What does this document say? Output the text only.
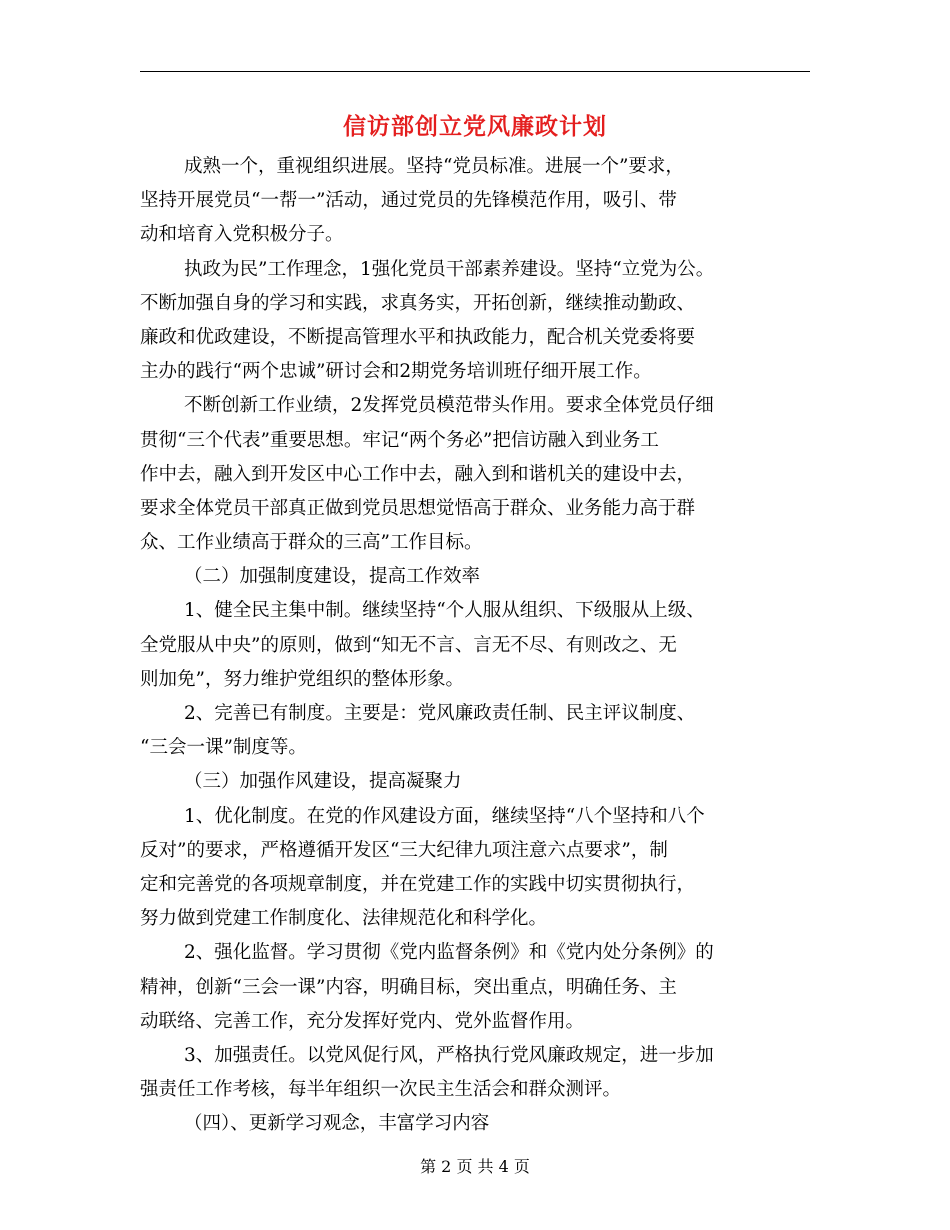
信访部创立党风廉政计划
成熟一个，重视组织进展。坚持“党员标准。进展一个”要求，
坚持开展党员“一帮一”活动，通过党员的先锋模范作用，吸引、带
动和培育入党积极分子。
执政为民”工作理念，1强化党员干部素养建设。坚持“立党为公。
不断加强自身的学习和实践，求真务实，开拓创新，继续推动勤政、
廉政和优政建设，不断提高管理水平和执政能力，配合机关党委将要
主办的践行“两个忠诚”研讨会和2期党务培训班仔细开展工作。
不断创新工作业绩，2发挥党员模范带头作用。要求全体党员仔细
贯彻“三个代表”重要思想。牢记“两个务必”把信访融入到业务工
作中去，融入到开发区中心工作中去，融入到和谐机关的建设中去，
要求全体党员干部真正做到党员思想觉悟高于群众、业务能力高于群
众、工作业绩高于群众的三高”工作目标。
（二）加强制度建设，提高工作效率
1、健全民主集中制。继续坚持“个人服从组织、下级服从上级、
全党服从中央”的原则，做到“知无不言、言无不尽、有则改之、无
则加免”，努力维护党组织的整体形象。
2、完善已有制度。主要是：党风廉政责任制、民主评议制度、
“三会一课”制度等。
（三）加强作风建设，提高凝聚力
1、优化制度。在党的作风建设方面，继续坚持“八个坚持和八个
反对”的要求，严格遵循开发区“三大纪律九项注意六点要求”，制
定和完善党的各项规章制度，并在党建工作的实践中切实贯彻执行，
努力做到党建工作制度化、法律规范化和科学化。
2、强化监督。学习贯彻《党内监督条例》和《党内处分条例》的
精神，创新“三会一课”内容，明确目标，突出重点，明确任务、主
动联络、完善工作，充分发挥好党内、党外监督作用。
3、加强责任。以党风促行风，严格执行党风廉政规定，进一步加
强责任工作考核，每半年组织一次民主生活会和群众测评。
（四）、更新学习观念，丰富学习内容
第 2 页 共 4 页
